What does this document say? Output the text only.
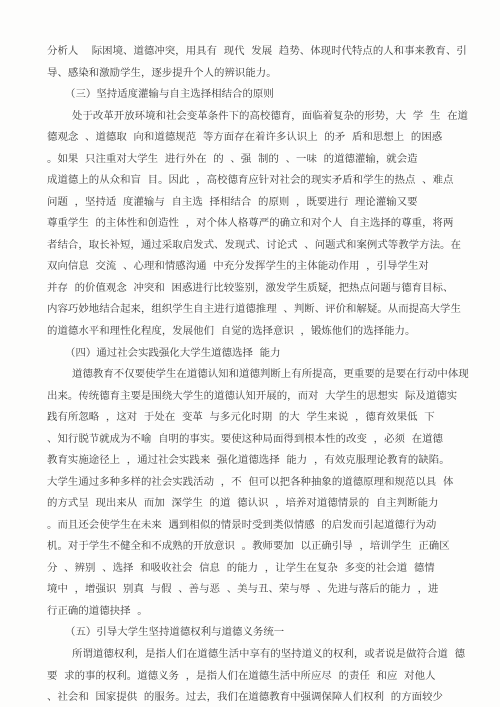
分析人    际困境、道德冲突，用具有  现代  发展  趋势、体现时代特点的人和事来教育、引
导、感染和激励学生，逐步提升个人的辨识能力。
（三）坚持适度灌输与自主选择相结合的原则
处于改革开放环境和社会变革条件下的高校德育，面临着复杂的形势，大  学  生  在道
德观念  、道德取  向和道德规范  等方面存在着许多认识上  的矛  盾和思想上  的困惑
。如果  只注重对大学生  进行外在  的  、强  制的  、一味  的道德灌输，就会造
成道德上的从众和盲  目。因此  ，高校德育应针对社会的现实矛盾和学生的热点  、难点
问题  ，坚持适  度灌输与  自主选  择相结合  的原则  ，既要进行  理论灌输又要
尊重学生  的主体性和创造性  ，对个体人格尊严的确立和对个人  自主选择的尊重，将两
者结合，取长补短，通过采取启发式、发现式、讨论式  、问题式和案例式等教学方法。在
双向信息  交流  、心理和情感沟通  中充分发挥学生的主体能动作用  ，引导学生对
并存  的价值观念  冲突和  困惑进行比较鉴别，激发学生质疑，把热点问题与德育目标、
内容巧妙地结合起来，组织学生自主进行道德推理  、判断、评价和解疑。从而提高大学生
的道德水平和理性化程度，发展他们  自觉的选择意识  ，锻炼他们的选择能力。
（四）通过社会实践强化大学生道德选择  能力
道德教育不仅要使学生在道德认知和道德判断上有所提高，更重要的是要在行动中体现
出来。传统德育主要是围绕大学生的道德认知开展的，而对  大学生的思想实  际及道德实
践有所忽略  ，这对  于处在  变革  与多元化时期  的大  学生来说  ，德育效果低  下
、知行脱节就成为不喻  自明的事实。要使这种局面得到根本性的改变  ，必须  在道德
教育实施途径上  ，通过社会实践来  强化道德选择  能力  ，有效克服理论教育的缺陷。
大学生通过多种多样的社会实践活动  ，不  但可以把各种抽象的道德原理和规范以具  体
的方式呈  现出来从  而加  深学生  的道  德认识  ，培养对道德情景的  自主判断能力
。而且还会使学生在未来  遇到相似的情景时受到类似情感  的启发而引起道德行为动
机。对于学生不健全和不成熟的开放意识  。教师要加  以正确引导  ，培训学生  正确区
分  、辨别  、选择  和吸收社会  信息  的能力  ，让学生在复杂  多变的社会道  德情
境中  ，增强识  别真  与假  、善与恶  、美与丑、荣与辱  、先进与落后的能力  ，进
行正确的道德抉择  。
（五）引导大学生坚持道德权利与道德义务统一
所谓道德权利，是指人们在道德生活中享有的坚持道义的权利，或者说是做符合道  德
要  求的事的权利。道德义务  ，是指人们在道德生活中所应尽  的责任  和应  对他人
、社会和  国家提供  的服务。过去，我们在道德教育中强调保障人们权利  的方面较少
